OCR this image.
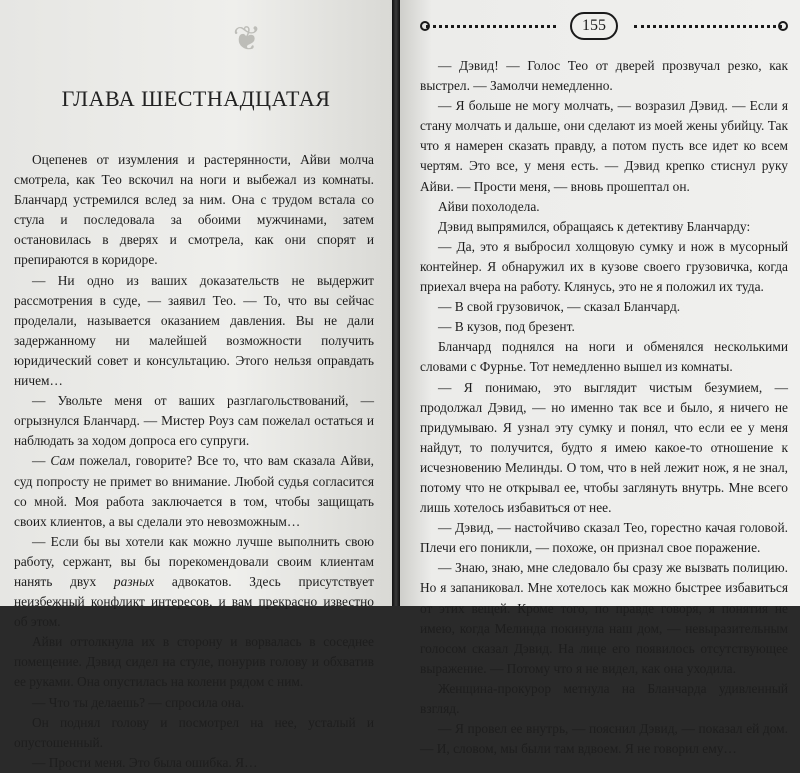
❦
ГЛАВА ШЕСТНАДЦАТАЯ

Оцепенев от изумления и растерянности, Айви молча смотрела, как Тео вскочил на ноги и выбежал из комнаты. Бланчард устремился вслед за ним. Она с трудом встала со стула и последовала за обоими мужчинами, затем остановилась в дверях и смотрела, как они спорят и препираются в коридоре.

— Ни одно из ваших доказательств не выдержит рассмотрения в суде, — заявил Тео. — То, что вы сейчас проделали, называется оказанием давления. Вы не дали задержанному ни малейшей возможности получить юридический совет и консультацию. Этого нельзя оправдать ничем…

— Увольте меня от ваших разглагольствований, — огрызнулся Бланчард. — Мистер Роуз сам пожелал остаться и наблюдать за ходом допроса его супруги.

— Сам пожелал, говорите? Все то, что вам сказала Айви, суд попросту не примет во внимание. Любой судья согласится со мной. Моя работа заключается в том, чтобы защищать своих клиентов, а вы сделали это невозможным…

— Если бы вы хотели как можно лучше выполнить свою работу, сержант, вы бы порекомендовали своим клиентам нанять двух разных адвокатов. Здесь присутствует неизбежный конфликт интересов, и вам прекрасно известно об этом.

Айви оттолкнула их в сторону и ворвалась в соседнее помещение. Дэвид сидел на стуле, понурив голову и обхватив ее руками. Она опустилась на колени рядом с ним.

— Что ты делаешь? — спросила она.

Он поднял голову и посмотрел на нее, усталый и опустошенный.

— Прости меня. Это была ошибка. Я…

155

— Дэвид! — Голос Тео от дверей прозвучал резко, как выстрел. — Замолчи немедленно.

— Я больше не могу молчать, — возразил Дэвид. — Если я стану молчать и дальше, они сделают из моей жены убийцу. Так что я намерен сказать правду, а потом пусть все идет ко всем чертям. Это все, у меня есть. — Дэвид крепко стиснул руку Айви. — Прости меня, — вновь прошептал он.

Айви похолодела.

Дэвид выпрямился, обращаясь к детективу Бланчарду:

— Да, это я выбросил холщовую сумку и нож в мусорный контейнер. Я обнаружил их в кузове своего грузовичка, когда приехал вчера на работу. Клянусь, это не я положил их туда.

— В свой грузовичок, — сказал Бланчард.

— В кузов, под брезент.

Бланчард поднялся на ноги и обменялся несколькими словами с Фурнье. Тот немедленно вышел из комнаты.

— Я понимаю, это выглядит чистым безумием, — продолжал Дэвид, — но именно так все и было, я ничего не придумываю. Я узнал эту сумку и понял, что если ее у меня найдут, то получится, будто я имею какое-то отношение к исчезновению Мелинды. О том, что в ней лежит нож, я не знал, потому что не открывал ее, чтобы заглянуть внутрь. Мне всего лишь хотелось избавиться от нее.

— Дэвид, — настойчиво сказал Тео, горестно качая головой. Плечи его поникли, — похоже, он признал свое поражение.

— Знаю, знаю, мне следовало бы сразу же вызвать полицию. Но я запаниковал. Мне хотелось как можно быстрее избавиться от этих вещей. Кроме того, по правде говоря, я понятия не имею, когда Мелинда покинула наш дом, — невыразительным голосом сказал Дэвид. На лице его появилось отсутствующее выражение. — Потому что я не видел, как она уходила.

Женщина-прокурор метнула на Бланчарда удивленный взгляд.

— Я провел ее внутрь, — пояснил Дэвид, — показал ей дом. — И, словом, мы были там вдвоем. Я не говорил ему…
